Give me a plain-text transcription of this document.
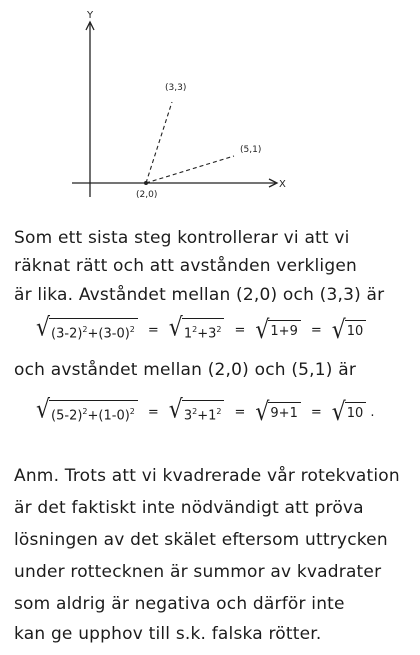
Y
X
(2,0)
(3,3)
(5,1)
Som ett sista steg kontrollerar vi att vi
räknat rätt och att avstånden verkligen
är lika. Avståndet mellan (2,0) och (3,3) är
√ $(3-2)^2+(3-0)^2$ = √ $1^2+3^2$ = √ 1+9 = √ 10
och avståndet mellan (2,0) och (5,1) är
√ $(5-2)^2+(1-0)^2$ = √ $3^2+1^2$ = √ 9+1 = √ 10 .
Anm. Trots att vi kvadrerade vår rotekvation
är det faktiskt inte nödvändigt att pröva
lösningen av det skälet eftersom uttrycken
under rottecknen är summor av kvadrater
som aldrig är negativa och därför inte
kan ge upphov till s.k. falska rötter.
